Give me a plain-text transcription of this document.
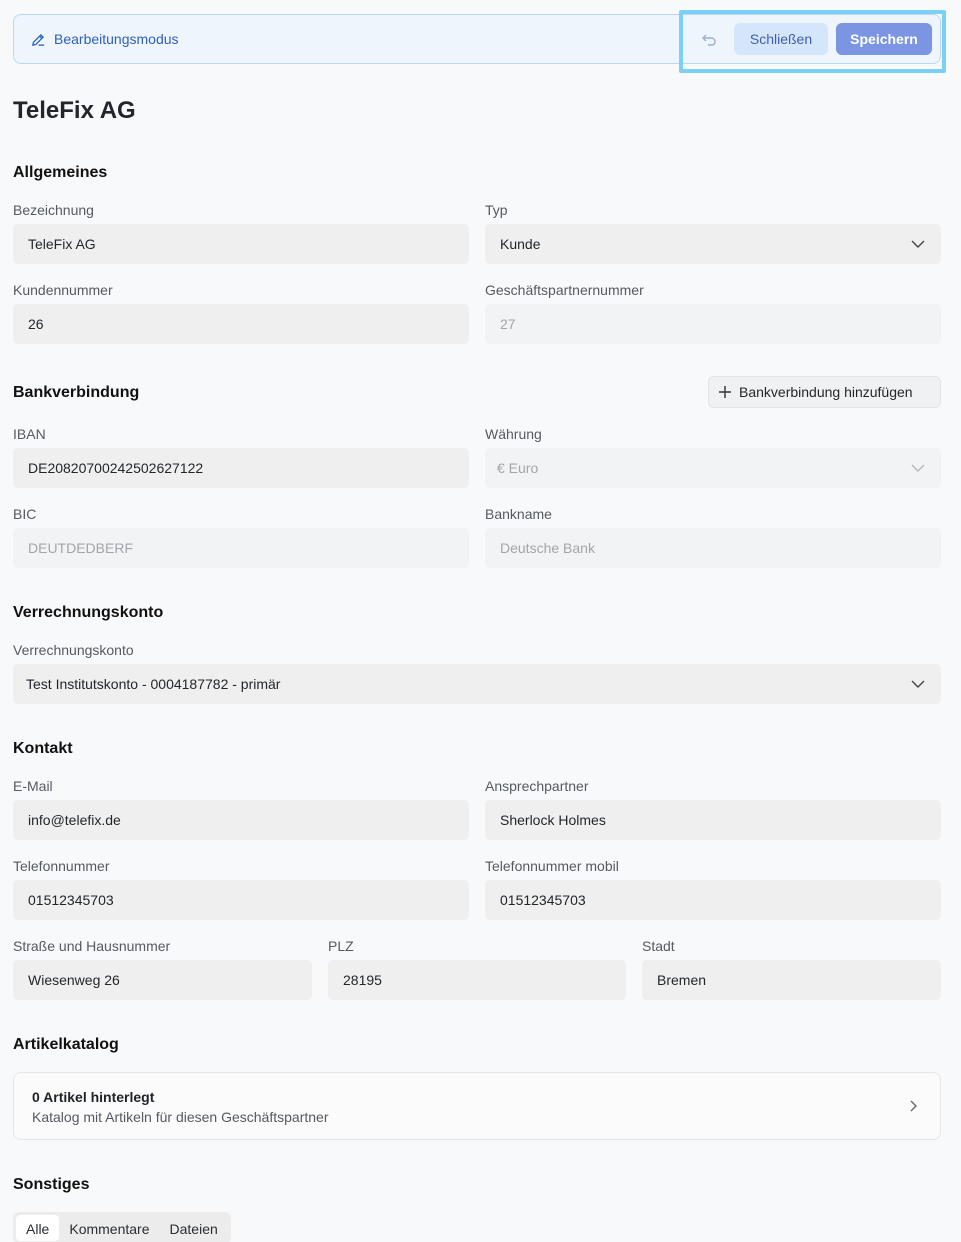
Bearbeitungsmodus	Schließen	Speichern
TeleFix AG
Allgemeines
Bezeichnung
TeleFix AG
Typ
Kunde
Kundennummer
26
Geschäftspartnernummer
27
Bankverbindung	Bankverbindung hinzufügen
IBAN
DE20820700242502627122
Währung
€ Euro
BIC
DEUTDEDBERF
Bankname
Deutsche Bank
Verrechnungskonto
Verrechnungskonto
Test Institutskonto - 0004187782 - primär
Kontakt
E-Mail
info@telefix.de
Ansprechpartner
Sherlock Holmes
Telefonnummer
01512345703
Telefonnummer mobil
01512345703
Straße und Hausnummer
Wiesenweg 26
PLZ
28195
Stadt
Bremen
Artikelkatalog
0 Artikel hinterlegt
Katalog mit Artikeln für diesen Geschäftspartner
Sonstiges
Alle	Kommentare	Dateien
